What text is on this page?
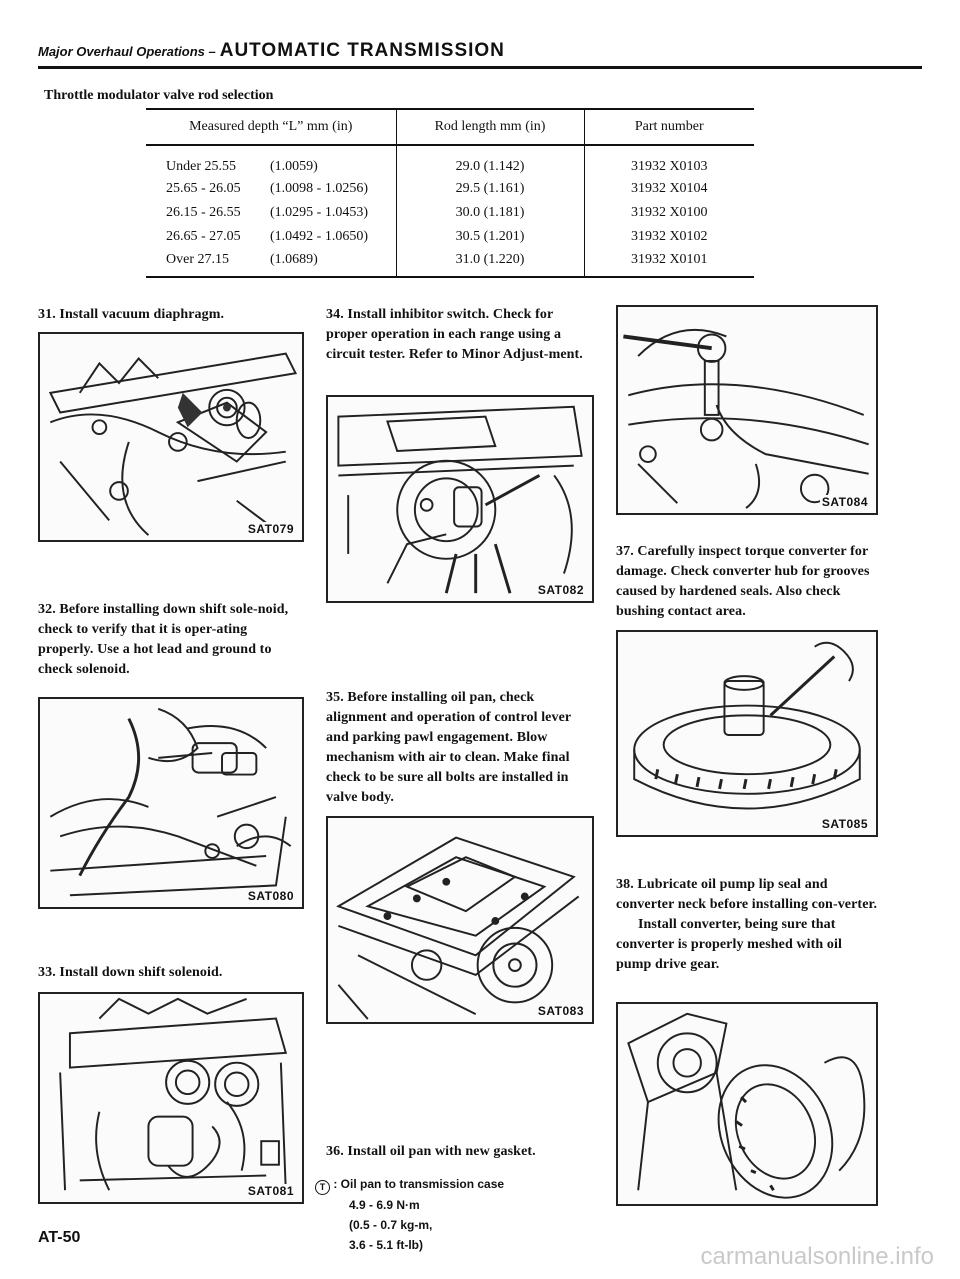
Major Overhaul Operations – AUTOMATIC TRANSMISSION
Throttle modulator valve rod selection
Measured depth “L” mm (in)	Rod length mm (in)	Part number
Under 25.55 (1.0059)	29.0 (1.142)	31932 X0103
25.65 - 26.05 (1.0098 - 1.0256)	29.5 (1.161)	31932 X0104
26.15 - 26.55 (1.0295 - 1.0453)	30.0 (1.181)	31932 X0100
26.65 - 27.05 (1.0492 - 1.0650)	30.5 (1.201)	31932 X0102
Over 27.15 (1.0689)	31.0 (1.220)	31932 X0101
31. Install vacuum diaphragm.
SAT079
32. Before installing down shift sole-noid, check to verify that it is oper-ating properly. Use a hot lead and ground to check solenoid.
SAT080
33. Install down shift solenoid.
SAT081
34. Install inhibitor switch. Check for proper operation in each range using a circuit tester. Refer to Minor Adjust-ment.
SAT082
35. Before installing oil pan, check alignment and operation of control lever and parking pawl engagement. Blow mechanism with air to clean. Make final check to be sure all bolts are installed in valve body.
SAT083
36. Install oil pan with new gasket.
T : Oil pan to transmission case
4.9 - 6.9 N·m
(0.5 - 0.7 kg-m,
3.6 - 5.1 ft-lb)
SAT084
37. Carefully inspect torque converter for damage. Check converter hub for grooves caused by hardened seals. Also check bushing contact area.
SAT085
38. Lubricate oil pump lip seal and converter neck before installing con-verter.
Install converter, being sure that converter is properly meshed with oil pump drive gear.
AT-50
carmanualsonline.info
